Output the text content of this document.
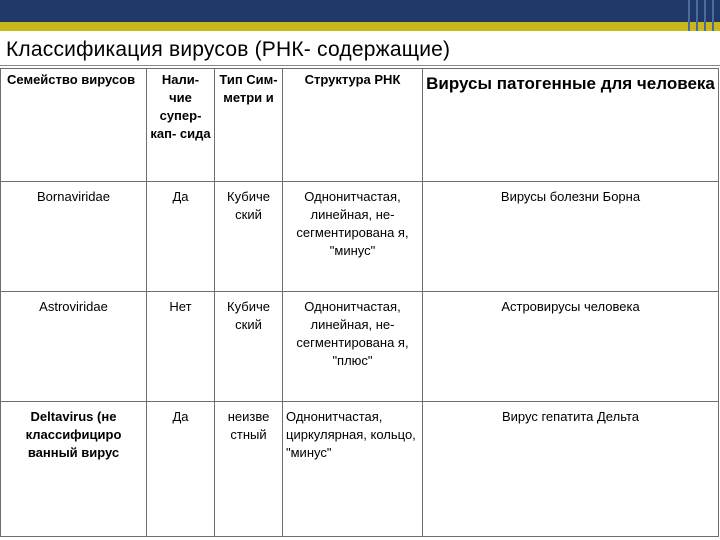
Классификация вирусов (РНК- содержащие)
Семейство вирусов	Нали- чие супер- кап- сида	Тип Сим- метри и	Структура РНК	Вирусы патогенные для человека
Bornaviridae	Да	Кубиче ский	Однонитчастая, линейная, не- сегментирована я, "минус"	Вирусы болезни Борна
Astroviridae	Нет	Кубиче ский	Однонитчастая, линейная, не- сегментирована я, "плюс"	Астровирусы человека
Deltavirus (не классифициро ванный вирус	Да	неизве стный	Однонитчастая, циркулярная, кольцо, "минус"	Вирус гепатита Дельта
